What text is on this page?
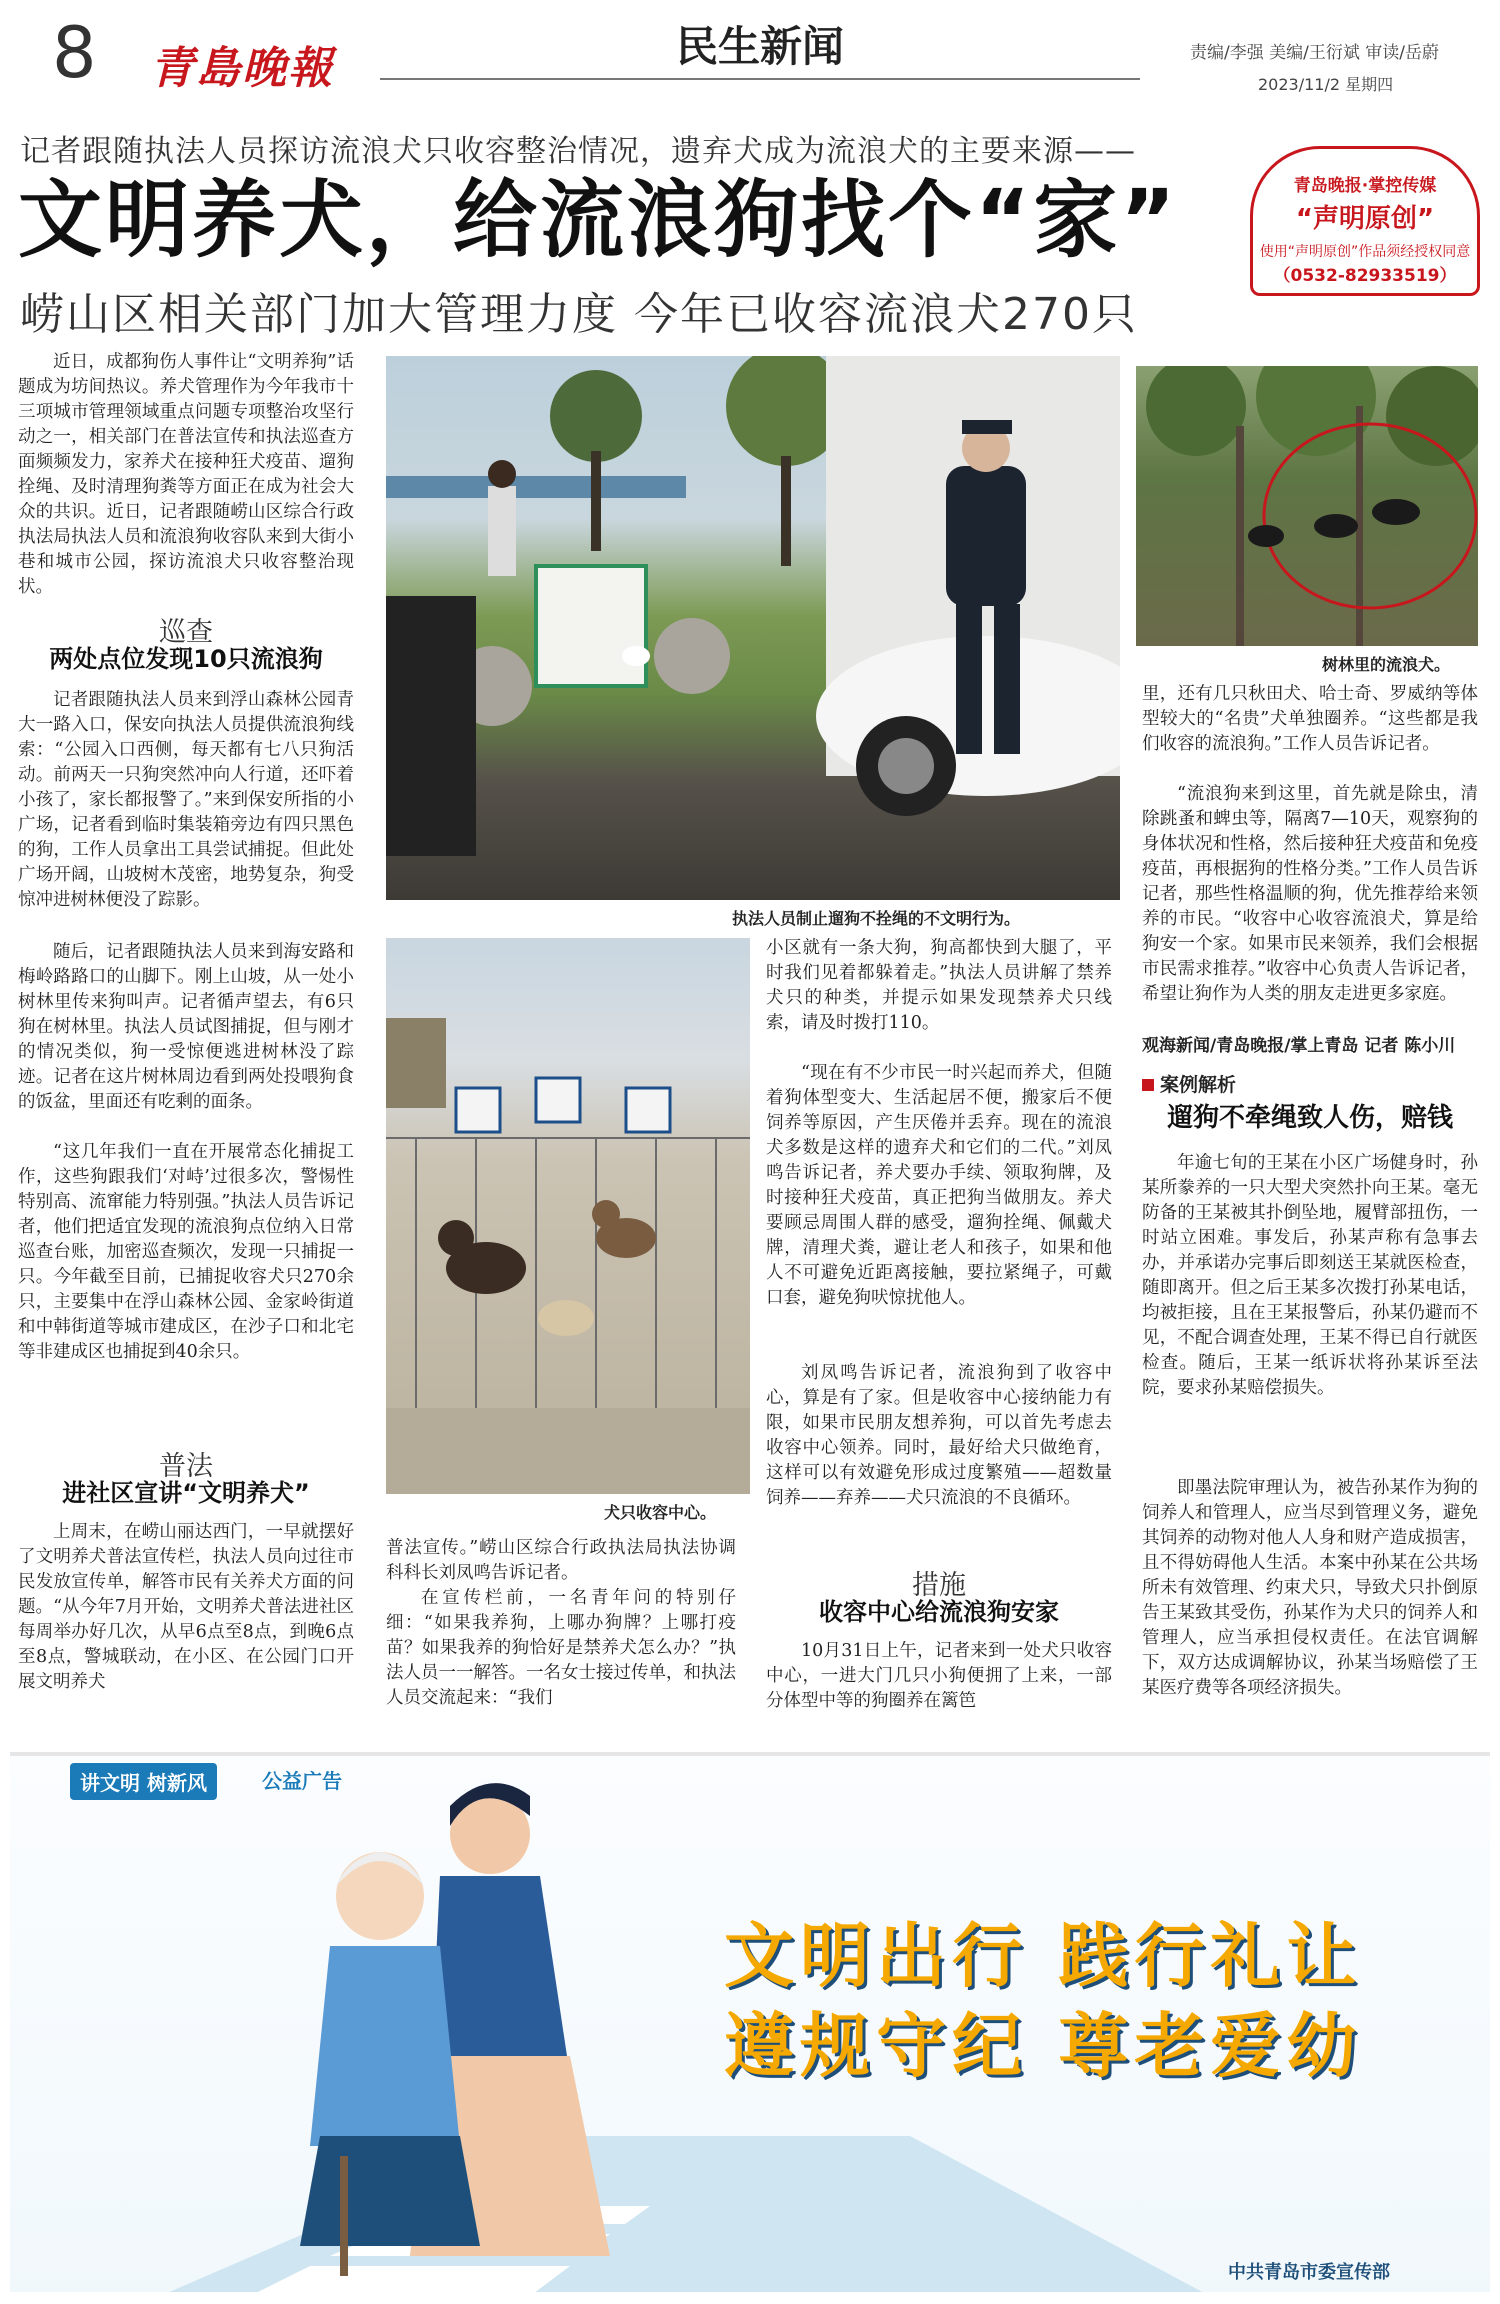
8 青島晚報	民生新闻	责编/李强 美编/王衍斌 审读/岳蔚
2023/11/2 星期四
记者跟随执法人员探访流浪犬只收容整治情况，遗弃犬成为流浪犬的主要来源——
文明养犬，给流浪狗找个“家”
崂山区相关部门加大管理力度 今年已收容流浪犬270只
青岛晚报·掌控传媒
“声明原创”
使用“声明原创”作品须经授权同意
（0532-82933519）

近日，成都狗伤人事件让“文明养狗”话题成为坊间热议。养犬管理作为今年我市十三项城市管理领域重点问题专项整治攻坚行动之一，相关部门在普法宣传和执法巡查方面频频发力，家养犬在接种狂犬疫苗、遛狗拴绳、及时清理狗粪等方面正在成为社会大众的共识。近日，记者跟随崂山区综合行政执法局执法人员和流浪狗收容队来到大街小巷和城市公园，探访流浪犬只收容整治现状。

巡查
两处点位发现10只流浪狗

记者跟随执法人员来到浮山森林公园青大一路入口，保安向执法人员提供流浪狗线索：“公园入口西侧，每天都有七八只狗活动。前两天一只狗突然冲向人行道，还吓着小孩了，家长都报警了。”来到保安所指的小广场，记者看到临时集装箱旁边有四只黑色的狗，工作人员拿出工具尝试捕捉。但此处广场开阔，山坡树木茂密，地势复杂，狗受惊冲进树林便没了踪影。

随后，记者跟随执法人员来到海安路和梅岭路路口的山脚下。刚上山坡，从一处小树林里传来狗叫声。记者循声望去，有6只狗在树林里。执法人员试图捕捉，但与刚才的情况类似，狗一受惊便逃进树林没了踪迹。记者在这片树林周边看到两处投喂狗食的饭盆，里面还有吃剩的面条。

“这几年我们一直在开展常态化捕捉工作，这些狗跟我们‘对峙’过很多次，警惕性特别高、流窜能力特别强。”执法人员告诉记者，他们把适宜发现的流浪狗点位纳入日常巡查台账，加密巡查频次，发现一只捕捉一只。今年截至目前，已捕捉收容犬只270余只，主要集中在浮山森林公园、金家岭街道和中韩街道等城市建成区，在沙子口和北宅等非建成区也捕捉到40余只。

普法
进社区宣讲“文明养犬”

上周末，在崂山丽达西门，一早就摆好了文明养犬普法宣传栏，执法人员向过往市民发放宣传单，解答市民有关养犬方面的问题。“从今年7月开始，文明养犬普法进社区每周举办好几次，从早6点至8点，到晚6点至8点，警城联动，在小区、在公园门口开展文明养犬

执法人员制止遛狗不拴绳的不文明行为。
树林里的流浪犬。
犬只收容中心。

普法宣传。”崂山区综合行政执法局执法协调科科长刘凤鸣告诉记者。

在宣传栏前，一名青年问的特别仔细：“如果我养狗，上哪办狗牌？上哪打疫苗？如果我养的狗恰好是禁养犬怎么办？”执法人员一一解答。一名女士接过传单，和执法人员交流起来：“我们

小区就有一条大狗，狗高都快到大腿了，平时我们见着都躲着走。”执法人员讲解了禁养犬只的种类，并提示如果发现禁养犬只线索，请及时拨打110。

“现在有不少市民一时兴起而养犬，但随着狗体型变大、生活起居不便，搬家后不便饲养等原因，产生厌倦并丢弃。现在的流浪犬多数是这样的遗弃犬和它们的二代。”刘凤鸣告诉记者，养犬要办手续、领取狗牌，及时接种狂犬疫苗，真正把狗当做朋友。养犬要顾忌周围人群的感受，遛狗拴绳、佩戴犬牌，清理犬粪，避让老人和孩子，如果和他人不可避免近距离接触，要拉紧绳子，可戴口套，避免狗吠惊扰他人。

刘凤鸣告诉记者，流浪狗到了收容中心，算是有了家。但是收容中心接纳能力有限，如果市民朋友想养狗，可以首先考虑去收容中心领养。同时，最好给犬只做绝育，这样可以有效避免形成过度繁殖——超数量饲养——弃养——犬只流浪的不良循环。

措施
收容中心给流浪狗安家

10月31日上午，记者来到一处犬只收容中心，一进大门几只小狗便拥了上来，一部分体型中等的狗圈养在篱笆

里，还有几只秋田犬、哈士奇、罗威纳等体型较大的“名贵”犬单独圈养。“这些都是我们收容的流浪狗。”工作人员告诉记者。

“流浪狗来到这里，首先就是除虫，清除跳蚤和蜱虫等，隔离7—10天，观察狗的身体状况和性格，然后接种狂犬疫苗和免疫疫苗，再根据狗的性格分类。”工作人员告诉记者，那些性格温顺的狗，优先推荐给来领养的市民。“收容中心收容流浪犬，算是给狗安一个家。如果市民来领养，我们会根据市民需求推荐。”收容中心负责人告诉记者，希望让狗作为人类的朋友走进更多家庭。

观海新闻/青岛晚报/掌上青岛 记者 陈小川
案例解析
遛狗不牵绳致人伤，赔钱

年逾七旬的王某在小区广场健身时，孙某所豢养的一只大型犬突然扑向王某。毫无防备的王某被其扑倒坠地，履臂部扭伤，一时站立困难。事发后，孙某声称有急事去办，并承诺办完事后即刻送王某就医检查，随即离开。但之后王某多次拨打孙某电话，均被拒接，且在王某报警后，孙某仍避而不见，不配合调查处理，王某不得已自行就医检查。随后，王某一纸诉状将孙某诉至法院，要求孙某赔偿损失。

即墨法院审理认为，被告孙某作为狗的饲养人和管理人，应当尽到管理义务，避免其饲养的动物对他人人身和财产造成损害，且不得妨碍他人生活。本案中孙某在公共场所未有效管理、约束犬只，导致犬只扑倒原告王某致其受伤，孙某作为犬只的饲养人和管理人，应当承担侵权责任。在法官调解下，双方达成调解协议，孙某当场赔偿了王某医疗费等各项经济损失。

讲文明 树新风	公益广告
文明出行 践行礼让
遵规守纪 尊老爱幼
中共青岛市委宣传部
